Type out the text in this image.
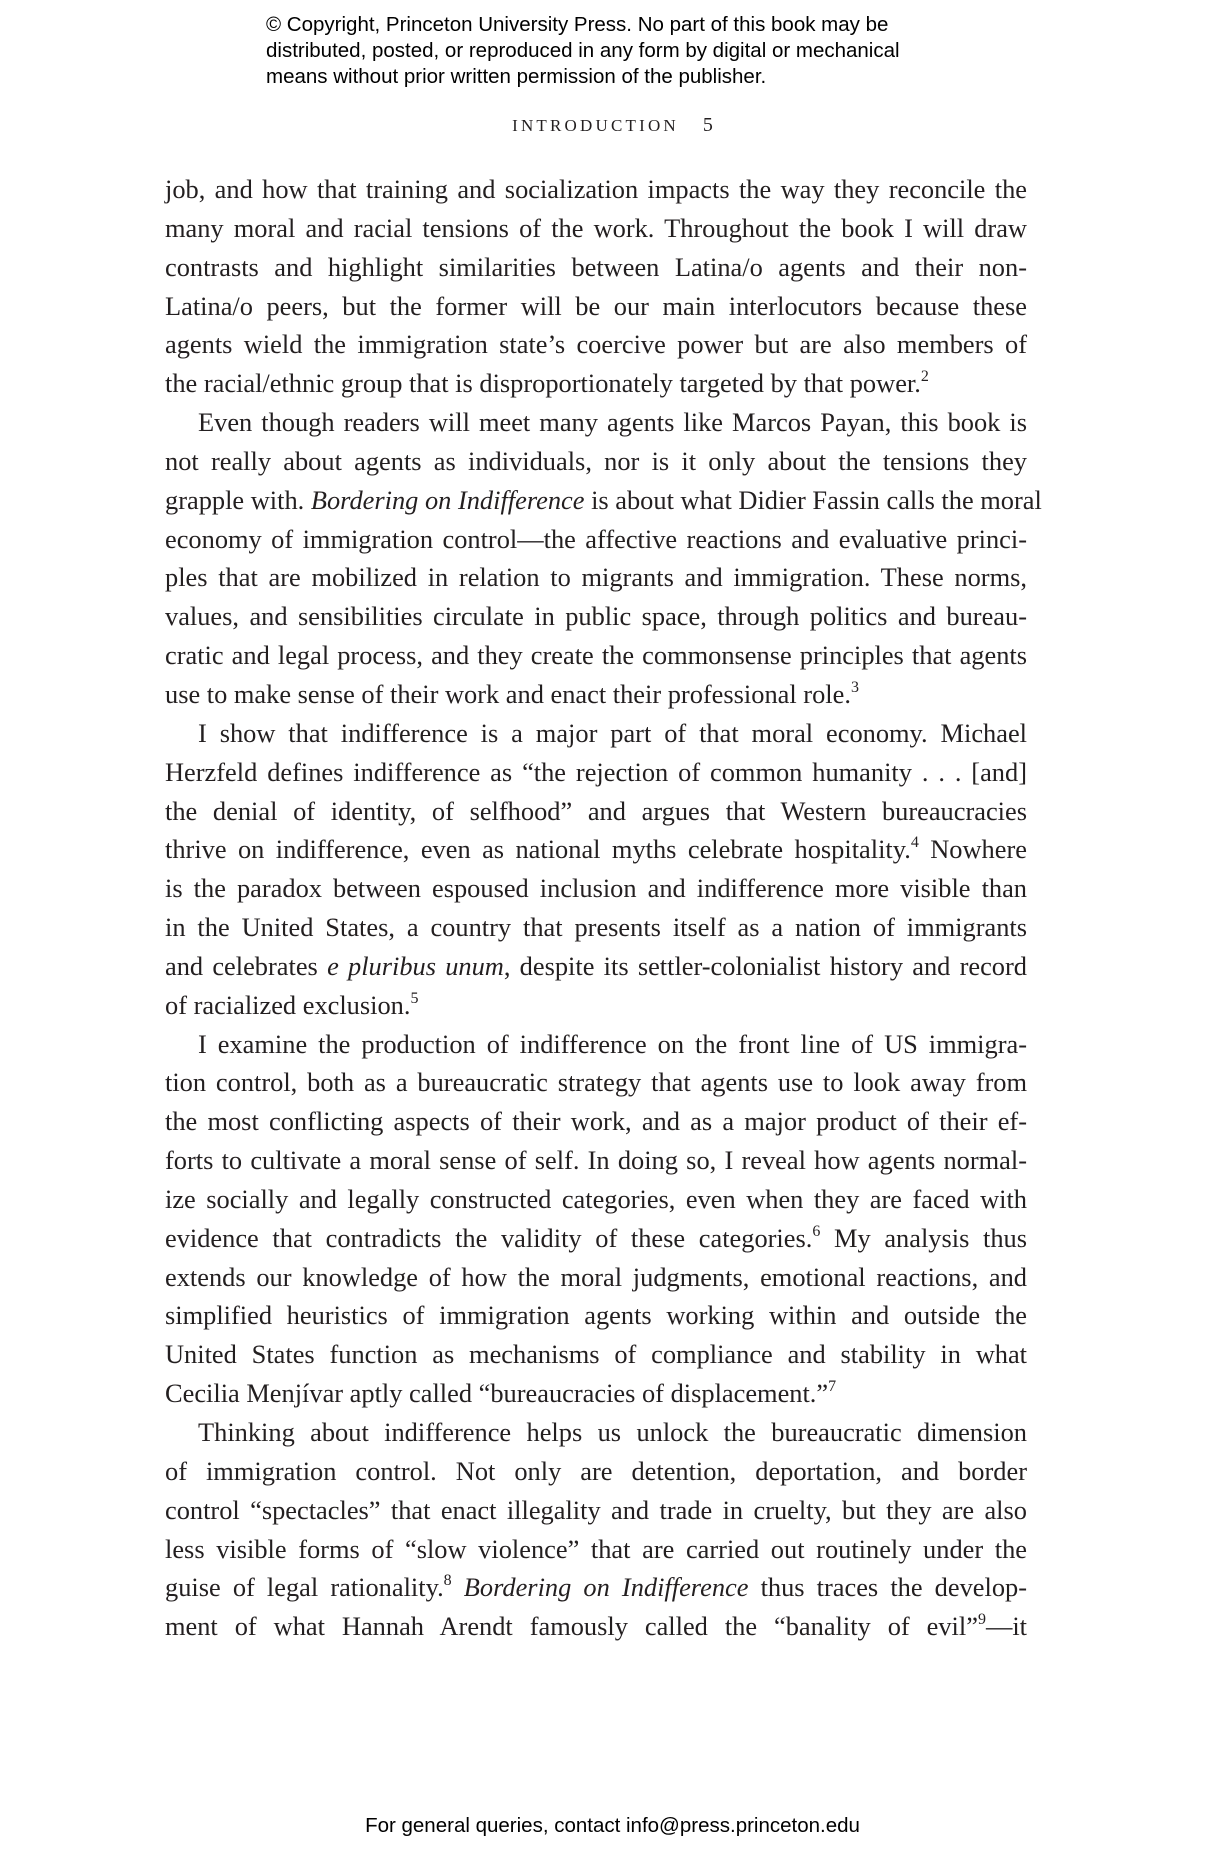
© Copyright, Princeton University Press. No part of this book may be
distributed, posted, or reproduced in any form by digital or mechanical
means without prior written permission of the publisher.
INTRODUCTION 5

job, and how that training and socialization impacts the way they reconcile the
many moral and racial tensions of the work. Throughout the book I will draw
contrasts and highlight similarities between Latina/o agents and their non-
Latina/o peers, but the former will be our main interlocutors because these
agents wield the immigration state’s coercive power but are also members of
the racial/ethnic group that is disproportionately targeted by that power.$^2$

Even though readers will meet many agents like Marcos Payan, this book is
not really about agents as individuals, nor is it only about the tensions they
grapple with. Bordering on Indifference is about what Didier Fassin calls the moral
economy of immigration control—the affective reactions and evaluative princi-
ples that are mobilized in relation to migrants and immigration. These norms,
values, and sensibilities circulate in public space, through politics and bureau-
cratic and legal process, and they create the commonsense principles that agents
use to make sense of their work and enact their professional role.$^3$

I show that indifference is a major part of that moral economy. Michael
Herzfeld defines indifference as “the rejection of common humanity . . . [and]
the denial of identity, of selfhood” and argues that Western bureaucracies
thrive on indifference, even as national myths celebrate hospitality.$^4$ Nowhere
is the paradox between espoused inclusion and indifference more visible than
in the United States, a country that presents itself as a nation of immigrants
and celebrates e pluribus unum, despite its settler-colonialist history and record
of racialized exclusion.$^5$

I examine the production of indifference on the front line of US immigra-
tion control, both as a bureaucratic strategy that agents use to look away from
the most conflicting aspects of their work, and as a major product of their ef-
forts to cultivate a moral sense of self. In doing so, I reveal how agents normal-
ize socially and legally constructed categories, even when they are faced with
evidence that contradicts the validity of these categories.$^6$ My analysis thus
extends our knowledge of how the moral judgments, emotional reactions, and
simplified heuristics of immigration agents working within and outside the
United States function as mechanisms of compliance and stability in what
Cecilia Menjívar aptly called “bureaucracies of displacement.”$^7$

Thinking about indifference helps us unlock the bureaucratic dimension
of immigration control. Not only are detention, deportation, and border
control “spectacles” that enact illegality and trade in cruelty, but they are also
less visible forms of “slow violence” that are carried out routinely under the
guise of legal rationality.$^8$ Bordering on Indifference thus traces the develop-
ment of what Hannah Arendt famously called the “banality of evil”$^9$—it

For general queries, contact info@press.princeton.edu
